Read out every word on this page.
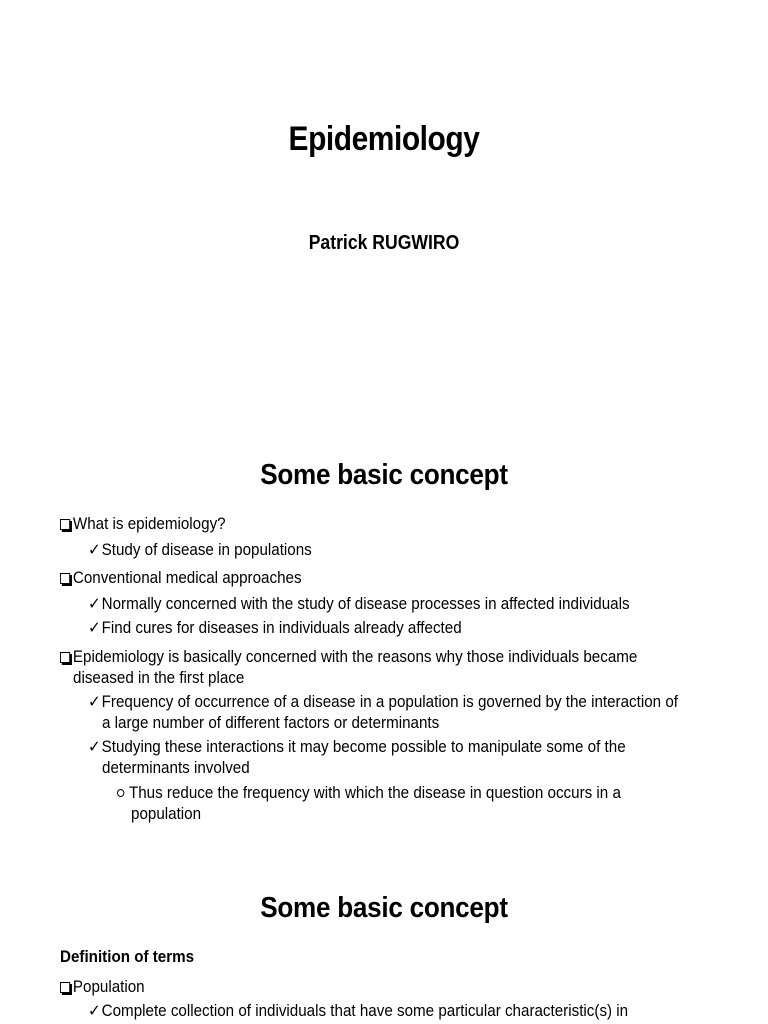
Epidemiology
Patrick RUGWIRO
Some basic concept
What is epidemiology?
✓Study of disease in populations
Conventional medical approaches
✓Normally concerned with the study of disease processes in affected individuals
✓Find cures for diseases in individuals already affected
Epidemiology is basically concerned with the reasons why those individuals became
diseased in the first place
✓Frequency of occurrence of a disease in a population is governed by the interaction of
a large number of different factors or determinants
✓Studying these interactions it may become possible to manipulate some of the
determinants involved
Thus reduce the frequency with which the disease in question occurs in a
population
Some basic concept
Definition of terms
Population
✓Complete collection of individuals that have some particular characteristic(s) in
